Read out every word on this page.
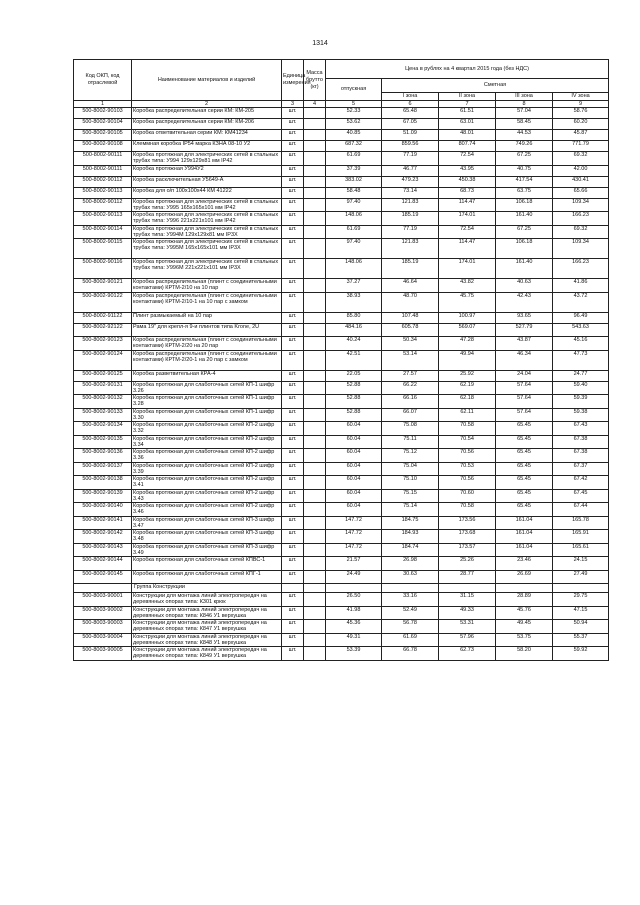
1314
Код ОКП, код отраслевой	Наименование материалов и изделий	Единица измерения	Масса брутто (кг)	Цена в рублях на 4 квартал 2015 года (без НДС)				
				отпускная	Сметная			
					I зона	II зона	III зона	IV зона
1	2	3	4	5	6	7	8	9
500-8002-90103	Коробка распределительная серии КМ: КМ-205	шт.		52.33	65.48	61.51	57.04	58.76
500-8002-90104	Коробка распределительная серии КМ: КМ-206	шт.		53.62	67.05	63.01	58.45	60.20
500-8002-90105	Коробка ответвительная серии КМ: КМ41234	шт.		40.85	51.09	48.01	44.53	45.87
500-8002-90108	Клеммная коробка IP54 марка КЗНА 08-10 У2	шт.		687.32	859.56	807.74	749.26	771.79
500-8002-90111	Коробка протяжная для электрических сетей в стальных трубах типа: У994 129х129х81 мм IP42	шт.		61.69	77.19	72.54	67.25	69.32
500-8002-90111	Коробка протяжная У994У2	шт.		37.39	46.77	43.95	40.75	42.00
500-8002-90112	Коробка расключительная У5649-А	шт.		383.02	479.23	450.38	417.54	430.41
500-8002-90113	Коробка для о/п 100х100х44 КМ 41222	шт.		58.48	73.14	68.73	63.75	65.66
500-8002-90112	Коробка протяжная для электрических сетей в стальных трубах типа: У995 165х165х101 мм IP42	шт.		97.40	121.83	114.47	106.18	109.34
500-8002-90113	Коробка протяжная для электрических сетей в стальных трубах типа: У996 221х221х101 мм IP42	шт.		148.06	185.19	174.01	161.40	166.23
500-8002-90114	Коробка протяжная для электрических сетей в стальных трубах типа: У994М 129х129х81 мм IP3Х	шт.		61.69	77.19	72.54	67.25	69.32
500-8002-90115	Коробка протяжная для электрических сетей в стальных трубах типа: У995М 165х165х101 мм IP3Х	шт.		97.40	121.83	114.47	106.18	109.34
500-8002-90116	Коробка протяжная для электрических сетей в стальных трубах типа: У996М 221х221х101 мм IP3Х	шт.		148.06	185.19	174.01	161.40	166.23
500-8002-90121	Коробка распределительная (плинт с соединительными контактами) КРТМ-2/10 на 10 пар	шт.		37.27	46.64	43.82	40.63	41.86
500-8002-90122	Коробка распределительная (плинт с соединительными контактами) КРТМ-2/10-1 на 10 пар с замком	шт.		38.93	48.70	45.75	42.43	43.72
500-8002-91122	Плинт размыкаемый на 10 пар	шт.		85.80	107.48	100.97	93.65	96.49
500-8002-92122	Рама 19" для крепл-я 9-и плинтов типа Krone, 2U	шт.		484.16	605.78	569.07	527.79	543.63
500-8002-90123	Коробка распределительная (плинт с соединительными контактами) КРТМ-2/20 на 20 пар	шт.		40.24	50.34	47.28	43.87	45.16
500-8002-90124	Коробка распределительная (плинт с соединительными контактами) КРТМ-2/20-1 на 20 пар с замком	шт.		42.51	53.14	49.94	46.34	47.73
500-8002-90125	Коробка разветвительная КРА-4	шт.		22.05	27.57	25.92	24.04	24.77
500-8002-90131	Коробка протяжная для слаботочных сетей КП-1 шифр 3.26	шт.		52.88	66.22	62.19	57.64	59.40
500-8002-90132	Коробка протяжная для слаботочных сетей КП-1 шифр 3.28	шт.		52.88	66.16	62.18	57.64	59.39
500-8002-90133	Коробка протяжная для слаботочных сетей КП-1 шифр 3.30	шт.		52.88	66.07	62.11	57.64	59.38
500-8002-90134	Коробка протяжная для слаботочных сетей КП-2 шифр 3.32	шт.		60.04	75.08	70.58	65.45	67.43
500-8002-90135	Коробка протяжная для слаботочных сетей КП-2 шифр 3.34	шт.		60.04	75.11	70.54	65.45	67.38
500-8002-90136	Коробка протяжная для слаботочных сетей КП-2 шифр 3.36	шт.		60.04	75.12	70.56	65.45	67.38
500-8002-90137	Коробка протяжная для слаботочных сетей КП-2 шифр 3.39	шт.		60.04	75.04	70.53	65.45	67.37
500-8002-90138	Коробка протяжная для слаботочных сетей КП-2 шифр 3.41	шт.		60.04	75.10	70.56	65.45	67.42
500-8002-90139	Коробка протяжная для слаботочных сетей КП-2 шифр 3.43	шт.		60.04	75.15	70.60	65.45	67.45
500-8002-90140	Коробка протяжная для слаботочных сетей КП-2 шифр 3.46	шт.		60.04	75.14	70.58	65.45	67.44
500-8002-90141	Коробка протяжная для слаботочных сетей КП-3 шифр 3.47	шт.		147.72	184.75	173.56	161.04	165.78
500-8002-90142	Коробка протяжная для слаботочных сетей КП-3 шифр 3.48	шт.		147.72	184.93	173.68	161.04	165.91
500-8002-90143	Коробка протяжная для слаботочных сетей КП-3 шифр 3.49	шт.		147.72	184.74	173.57	161.04	165.61
500-8002-90144	Коробка протяжная для слаботочных сетей КПВС-1	шт.		21.57	26.98	25.26	23.46	24.15
500-8002-90145	Коробка протяжная для слаботочных сетей КПГ-1	шт.		24.49	30.63	28.77	26.69	27.49
	Группа Конструкции							
500-8003-90001	Конструкции для монтажа линий электропередач на деревянных опорах типа: К301 крюк	шт.		26.50	33.16	31.15	28.89	29.75
500-8003-90002	Конструкции для монтажа линий электропередач на деревянных опорах типа: К846 У1 верхушка	шт.		41.98	52.49	49.33	45.76	47.15
500-8003-90003	Конструкции для монтажа линий электропередач на деревянных опорах типа: К847 У1 верхушка	шт.		45.36	56.78	53.31	49.45	50.94
500-8003-90004	Конструкции для монтажа линий электропередач на деревянных опорах типа: К848 У1 верхушка	шт.		49.31	61.69	57.96	53.75	55.37
500-8003-90005	Конструкции для монтажа линий электропередач на деревянных опорах типа: К849 У1 верхушка	шт.		53.39	66.78	62.73	58.20	59.92
